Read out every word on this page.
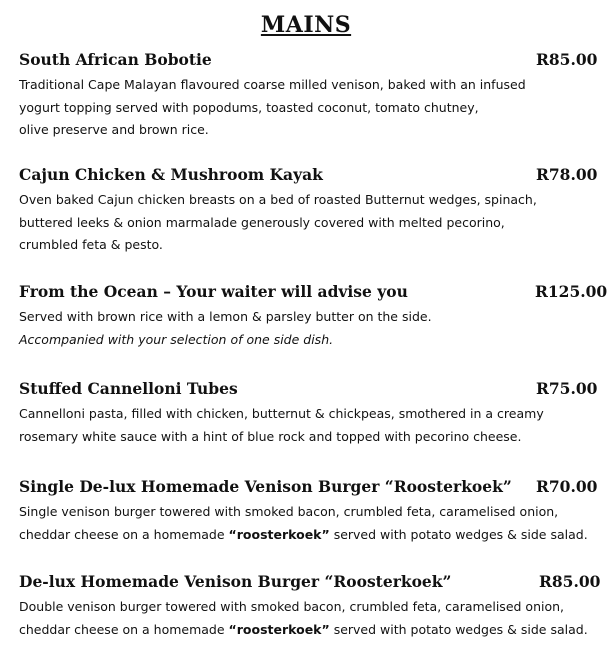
MAINS
South African Bobotie	R85.00
Traditional Cape Malayan flavoured coarse milled venison, baked with an infused
yogurt topping served with popodums, toasted coconut, tomato chutney,
olive preserve and brown rice.
Cajun Chicken & Mushroom Kayak	R78.00
Oven baked Cajun chicken breasts on a bed of roasted Butternut wedges, spinach,
buttered leeks & onion marmalade generously covered with melted pecorino,
crumbled feta & pesto.
From the Ocean – Your waiter will advise you	R125.00
Served with brown rice with a lemon & parsley butter on the side.
Accompanied with your selection of one side dish.
Stuffed Cannelloni Tubes	R75.00
Cannelloni pasta, filled with chicken, butternut & chickpeas, smothered in a creamy
rosemary white sauce with a hint of blue rock and topped with pecorino cheese.
Single De-lux Homemade Venison Burger “Roosterkoek”	R70.00
Single venison burger towered with smoked bacon, crumbled feta, caramelised onion,
cheddar cheese on a homemade “roosterkoek” served with potato wedges & side salad.
De-lux Homemade Venison Burger “Roosterkoek”	R85.00
Double venison burger towered with smoked bacon, crumbled feta, caramelised onion,
cheddar cheese on a homemade “roosterkoek” served with potato wedges & side salad.
